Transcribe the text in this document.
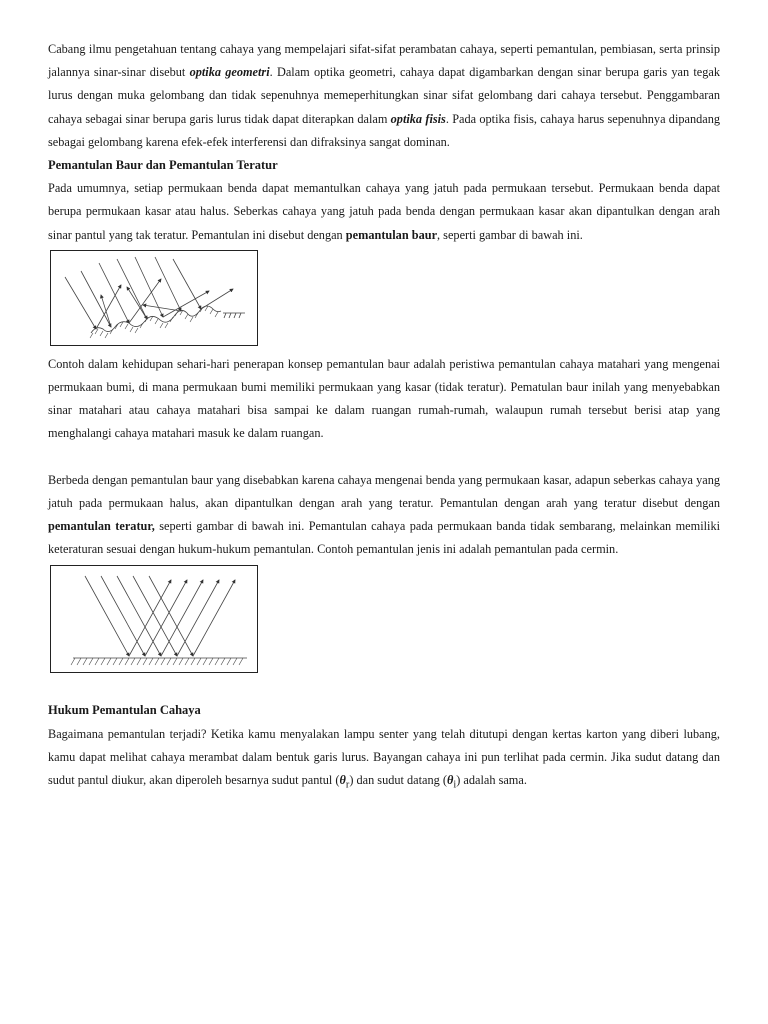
Cabang ilmu pengetahuan tentang cahaya yang mempelajari sifat-sifat perambatan cahaya, seperti pemantulan, pembiasan, serta prinsip jalannya sinar-sinar disebut optika geometri. Dalam optika geometri, cahaya dapat digambarkan dengan sinar berupa garis yan tegak lurus dengan muka gelombang dan tidak sepenuhnya memeperhitungkan sinar sifat gelombang dari cahaya tersebut. Penggambaran cahaya sebagai sinar berupa garis lurus tidak dapat diterapkan dalam optika fisis. Pada optika fisis, cahaya harus sepenuhnya dipandang sebagai gelombang karena efek-efek interferensi dan difraksinya sangat dominan.

Pemantulan Baur dan Pemantulan Teratur

Pada umumnya, setiap permukaan benda dapat memantulkan cahaya yang jatuh pada permukaan tersebut. Permukaan benda dapat berupa permukaan kasar atau halus. Seberkas cahaya yang jatuh pada benda dengan permukaan kasar akan dipantulkan dengan arah sinar pantul yang tak teratur. Pemantulan ini disebut dengan pemantulan baur, seperti gambar di bawah ini.

Contoh dalam kehidupan sehari-hari penerapan konsep pemantulan baur adalah peristiwa pemantulan cahaya matahari yang mengenai permukaan bumi, di mana permukaan bumi memiliki permukaan yang kasar (tidak teratur). Pematulan baur inilah yang menyebabkan sinar matahari atau cahaya matahari bisa sampai ke dalam ruangan rumah-rumah, walaupun rumah tersebut berisi atap yang menghalangi cahaya matahari masuk ke dalam ruangan.

Berbeda dengan pemantulan baur yang disebabkan karena cahaya mengenai benda yang permukaan kasar, adapun seberkas cahaya yang jatuh pada permukaan halus, akan dipantulkan dengan arah yang teratur. Pemantulan dengan arah yang teratur disebut dengan pemantulan teratur, seperti gambar di bawah ini. Pemantulan cahaya pada permukaan banda tidak sembarang, melainkan memiliki keteraturan sesuai dengan hukum-hukum pemantulan. Contoh pemantulan jenis ini adalah pemantulan pada cermin.

Hukum Pemantulan Cahaya

Bagaimana pemantulan terjadi? Ketika kamu menyalakan lampu senter yang telah ditutupi dengan kertas karton yang diberi lubang, kamu dapat melihat cahaya merambat dalam bentuk garis lurus. Bayangan cahaya ini pun terlihat pada cermin. Jika sudut datang dan sudut pantul diukur, akan diperoleh besarnya sudut pantul $(\theta_r)$ dan sudut datang $(\theta_i)$ adalah sama.
